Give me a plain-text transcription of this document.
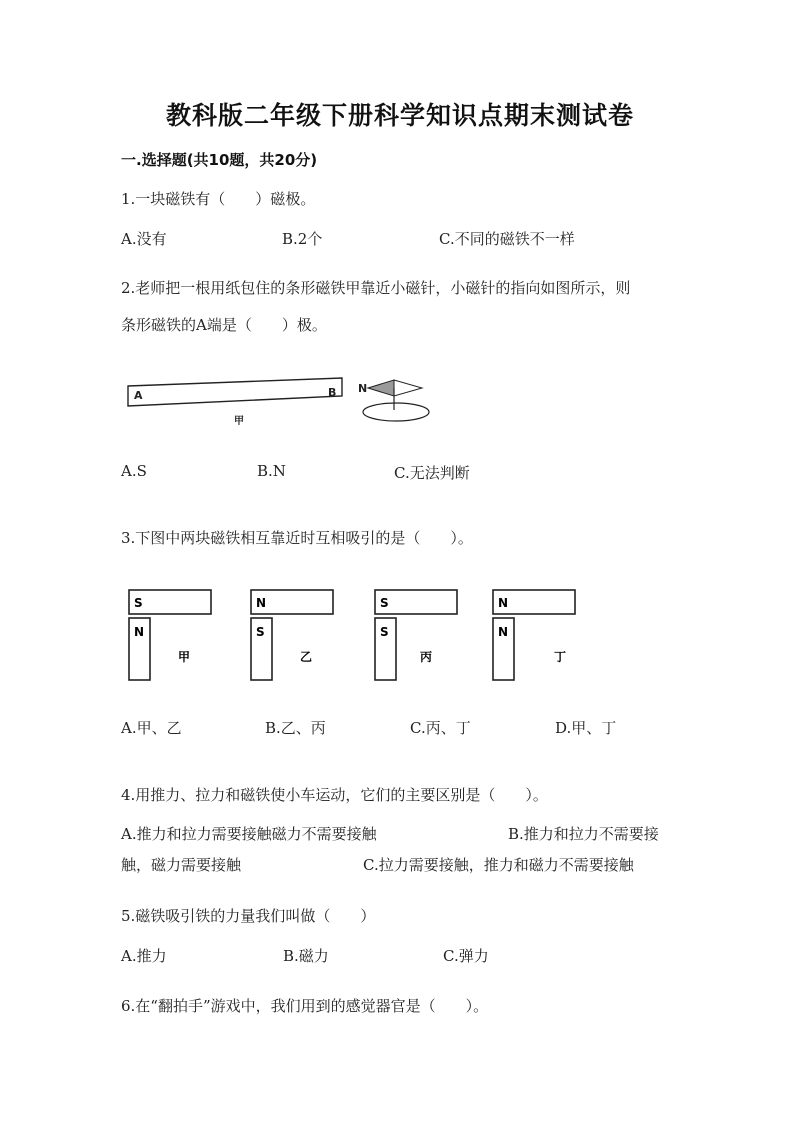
教科版二年级下册科学知识点期末测试卷
一.选择题(共10题，共20分)
1.一块磁铁有（　　）磁极。
A.没有	B.2个	C.不同的磁铁不一样
2.老师把一根用纸包住的条形磁铁甲靠近小磁针，小磁针的指向如图所示，则
条形磁铁的A端是（　　）极。
A	B
甲
N
A.S	B.N	C.无法判断
3.下图中两块磁铁相互靠近时互相吸引的是（　　）。
S
N
甲
N
S
乙
S
S
丙
N
N
丁
A.甲、乙	B.乙、丙	C.丙、丁	D.甲、丁
4.用推力、拉力和磁铁使小车运动，它们的主要区别是（　　）。
A.推力和拉力需要接触磁力不需要接触	B.推力和拉力不需要接
触，磁力需要接触	C.拉力需要接触，推力和磁力不需要接触
5.磁铁吸引铁的力量我们叫做（　　）
A.推力	B.磁力	C.弹力
6.在“翻拍手”游戏中，我们用到的感觉器官是（　　）。
